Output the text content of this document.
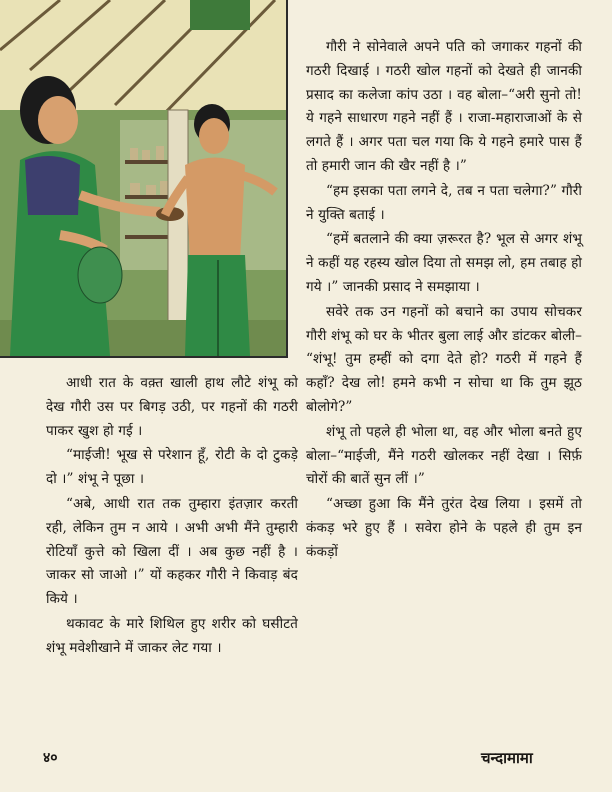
गौरी ने सोनेवाले अपने पति को जगाकर गहनों की गठरी दिखाई । गठरी खोल गहनों को देखते ही जानकी प्रसाद का कलेजा कांप उठा । वह बोला–“अरी सुनो तो! ये गहने साधारण गहने नहीं हैं । राजा-महाराजाओं के से लगते हैं । अगर पता चल गया कि ये गहने हमारे पास हैं तो हमारी जान की खैर नहीं है ।”

“हम इसका पता लगने दे, तब न पता चलेगा?” गौरी ने युक्ति बताई ।

“हमें बतलाने की क्या ज़रूरत है? भूल से अगर शंभू ने कहीं यह रहस्य खोल दिया तो समझ लो, हम तबाह हो गये ।” जानकी प्रसाद ने समझाया ।

सवेरे तक उन गहनों को बचाने का उपाय सोचकर गौरी शंभू को घर के भीतर बुला लाई और डांटकर बोली– “शंभू! तुम हम्हीं को दगा देते हो? गठरी में गहने हैं कहाँ? देख लो! हमने कभी न सोचा था कि तुम झूठ बोलोगे?”

शंभू तो पहले ही भोला था, वह और भोला बनते हुए बोला–“माईजी, मैंने गठरी खोलकर नहीं देखा । सिर्फ़ चोरों की बातें सुन लीं ।”

“अच्छा हुआ कि मैंने तुरंत देख लिया । इसमें तो कंकड़ भरे हुए हैं । सवेरा होने के पहले ही तुम इन कंकड़ों

आधी रात के वक़्त खाली हाथ लौटे शंभू को देख गौरी उस पर बिगड़ उठी, पर गहनों की गठरी पाकर खुश हो गई ।

“माईजी! भूख से परेशान हूँ, रोटी के दो टुकड़े दो ।” शंभू ने पूछा ।

“अबे, आधी रात तक तुम्हारा इंतज़ार करती रही, लेकिन तुम न आये । अभी अभी मैंने तुम्हारी रोटियाँ कुत्ते को खिला दीं । अब कुछ नहीं है । जाकर सो जाओ ।” यों कहकर गौरी ने किवाड़ बंद किये ।

थकावट के मारे शिथिल हुए शरीर को घसीटते शंभू मवेशीखाने में जाकर लेट गया ।

४०	चन्दामामा
